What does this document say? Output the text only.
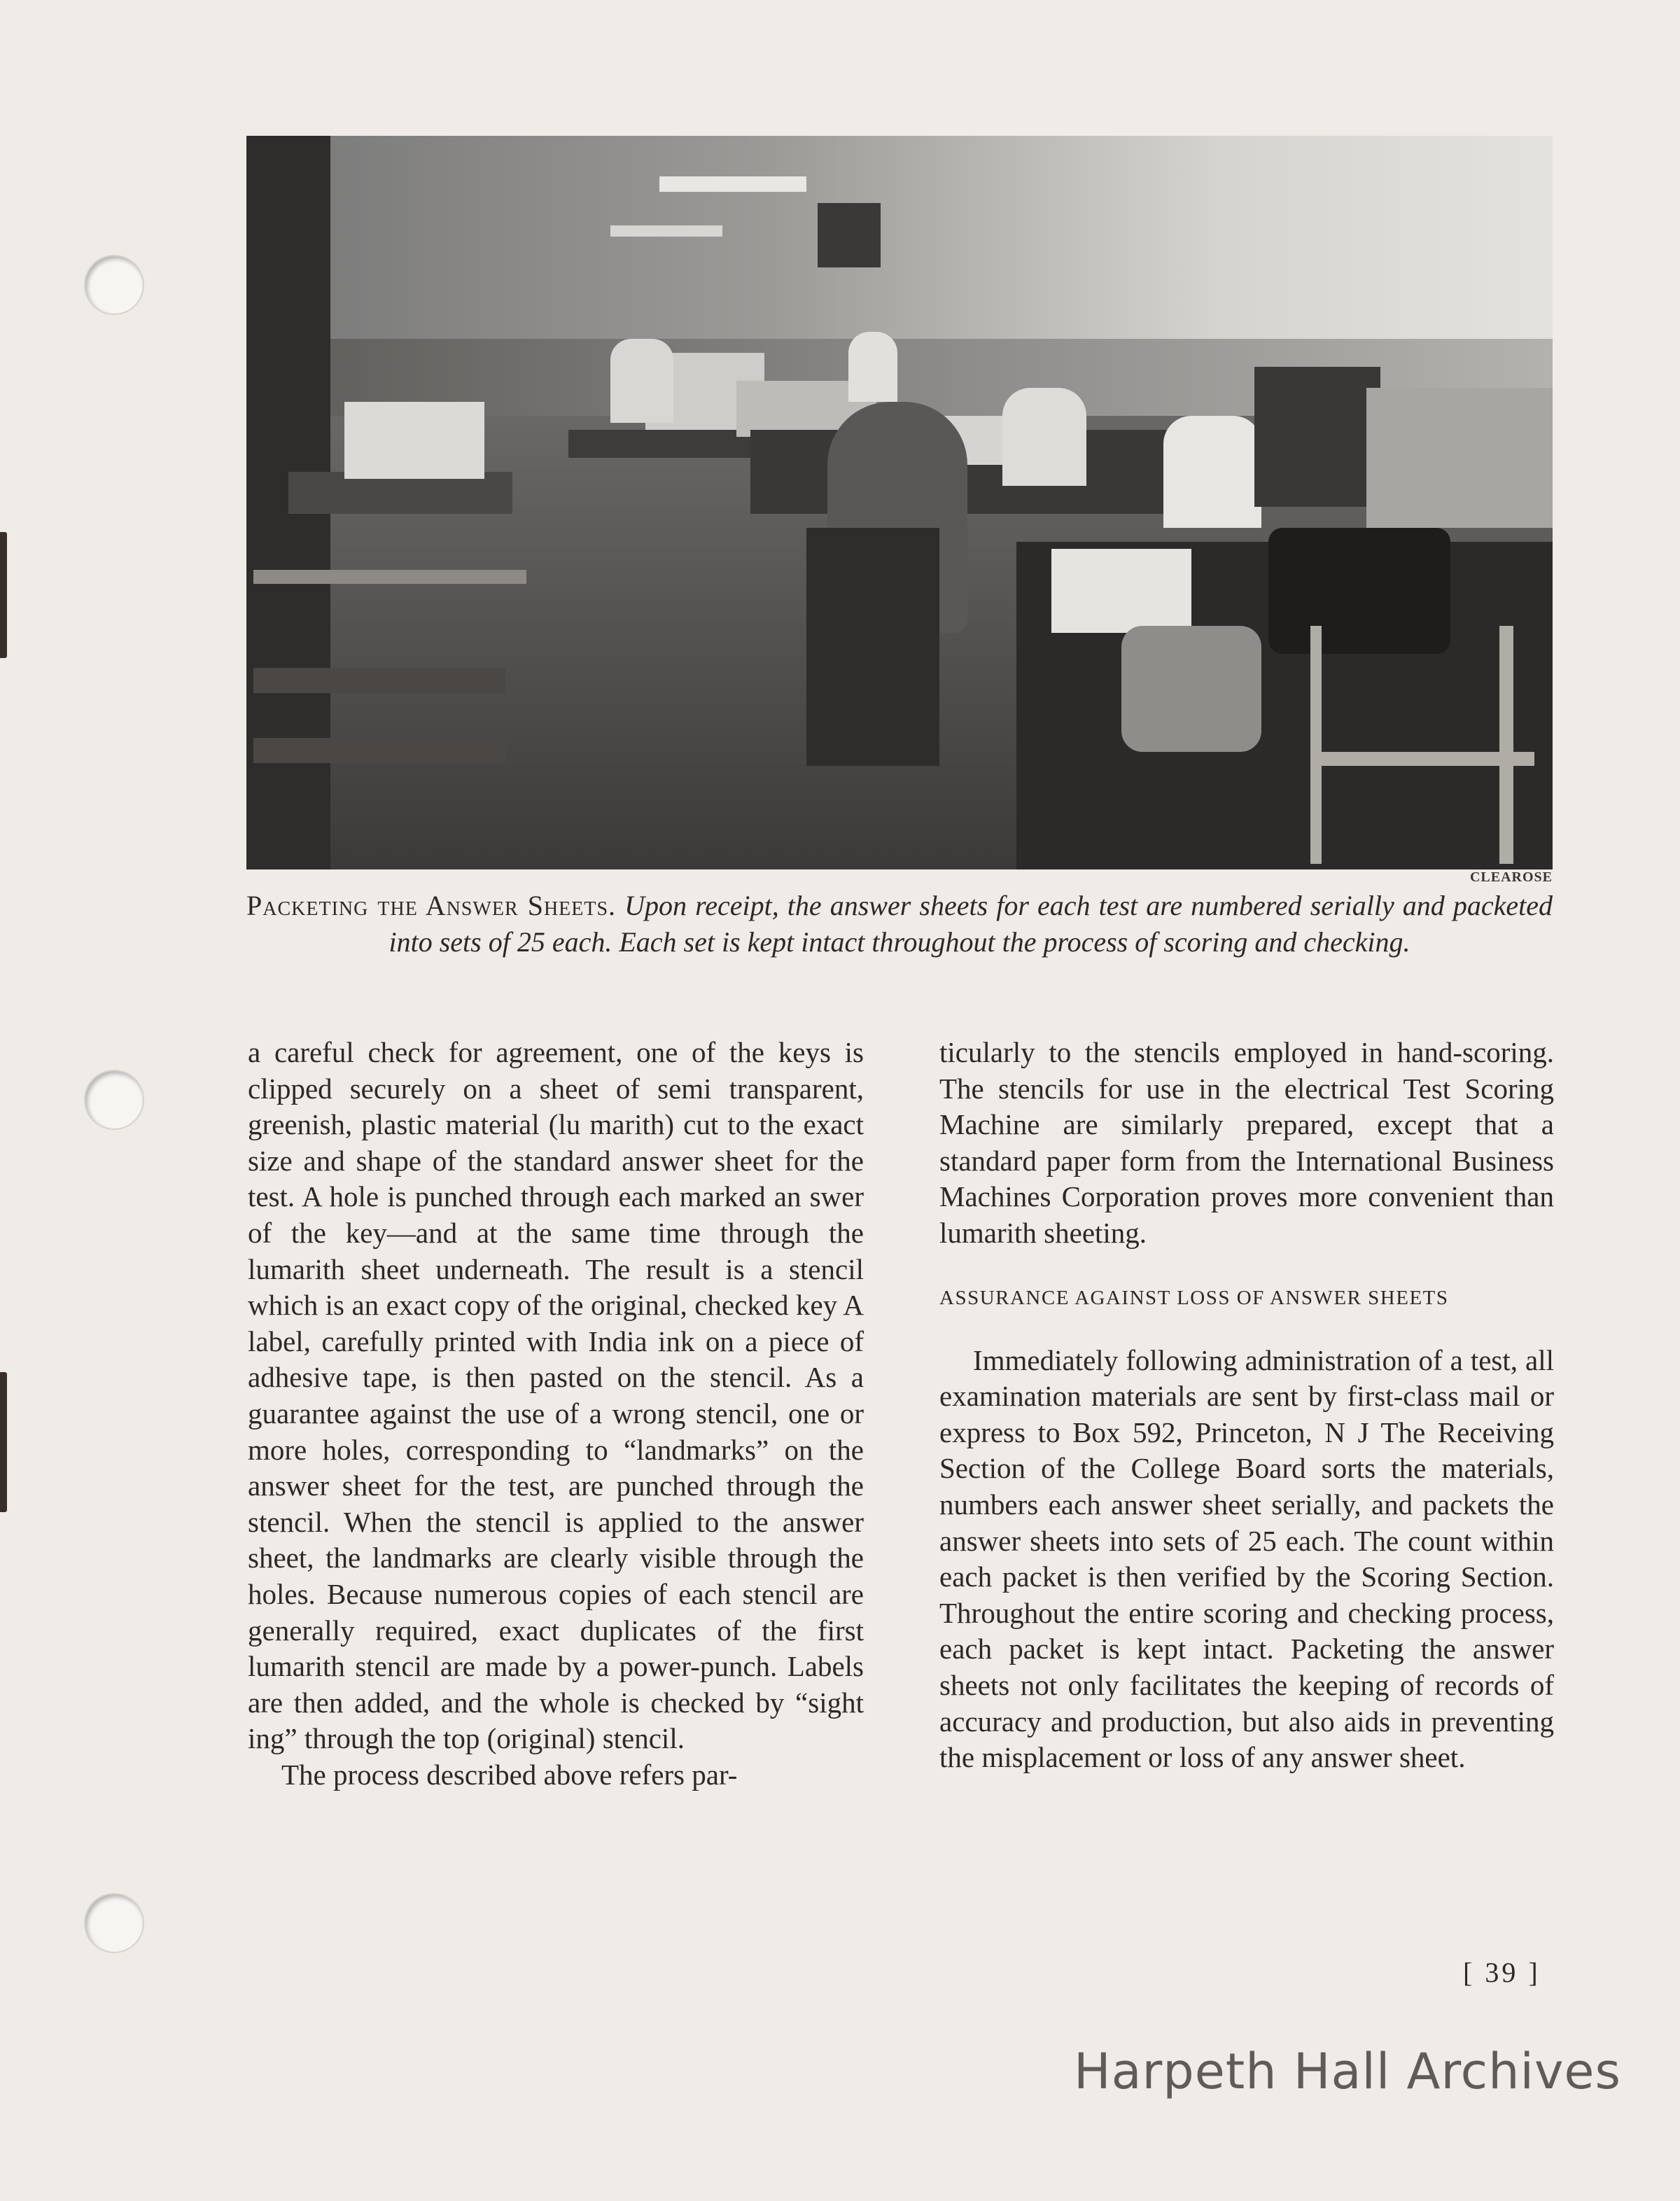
CLEAROSE
Packeting the Answer Sheets. Upon receipt, the answer sheets for each test are numbered serially and packeted into sets of 25 each. Each set is kept intact throughout the process of scoring and checking.

a careful check for agreement, one of the keys is clipped securely on a sheet of semi transparent, greenish, plastic material (lu marith) cut to the exact size and shape of the standard answer sheet for the test. A hole is punched through each marked an swer of the key—and at the same time through the lumarith sheet underneath. The result is a stencil which is an exact copy of the original, checked key A label, carefully printed with India ink on a piece of adhesive tape, is then pasted on the stencil. As a guarantee against the use of a wrong stencil, one or more holes, corresponding to “landmarks” on the answer sheet for the test, are punched through the stencil. When the stencil is applied to the answer sheet, the landmarks are clearly visible through the holes. Because numerous copies of each stencil are generally required, exact duplicates of the first lumarith stencil are made by a power-punch. Labels are then added, and the whole is checked by “sight ing” through the top (original) stencil.

The process described above refers par-

ticularly to the stencils employed in hand-scoring. The stencils for use in the electrical Test Scoring Machine are similarly prepared, except that a standard paper form from the International Business Machines Corporation proves more convenient than lumarith sheeting.

ASSURANCE AGAINST LOSS OF ANSWER SHEETS

Immediately following administration of a test, all examination materials are sent by first-class mail or express to Box 592, Princeton, N J The Receiving Section of the College Board sorts the materials, numbers each answer sheet serially, and packets the answer sheets into sets of 25 each. The count within each packet is then verified by the Scoring Section. Throughout the entire scoring and checking process, each packet is kept intact. Packeting the answer sheets not only facilitates the keeping of records of accuracy and production, but also aids in preventing the misplacement or loss of any answer sheet.

[ 39 ]
Harpeth Hall Archives
